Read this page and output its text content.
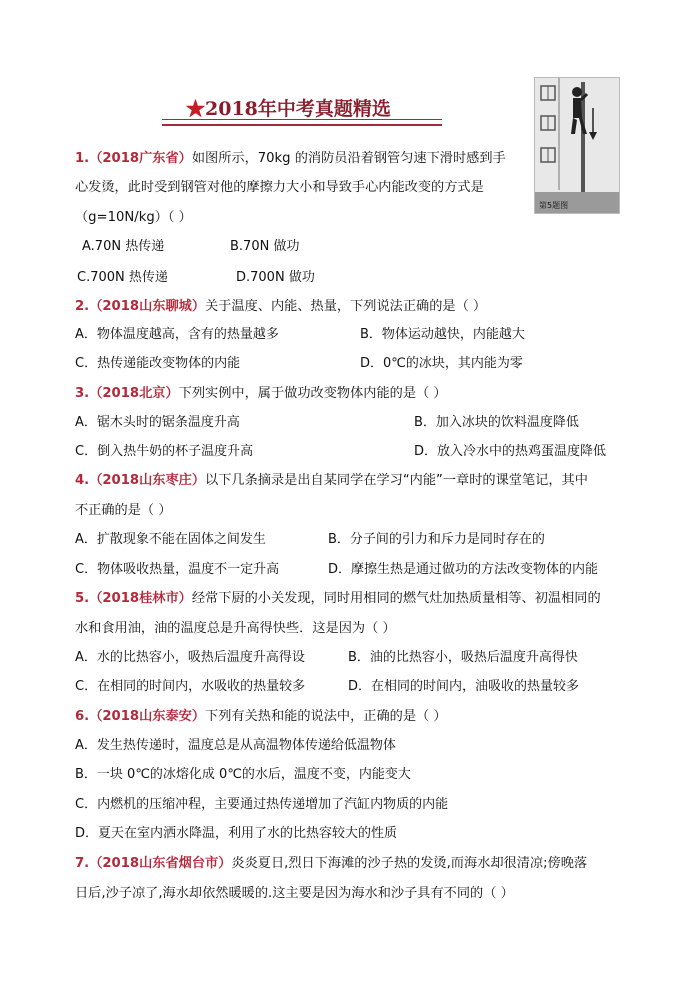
★2018年中考真题精选
第5题图
1.（2018广东省）如图所示，70kg 的消防员沿着钢管匀速下滑时感到手
心发烫，此时受到钢管对他的摩擦力大小和导致手心内能改变的方式是
（g=10N/kg）（ ）
A.70N 热传递	B.70N 做功
C.700N 热传递	D.700N 做功
2.（2018山东聊城）关于温度、内能、热量，下列说法正确的是（ ）
A．物体温度越高，含有的热量越多	B．物体运动越快，内能越大
C．热传递能改变物体的内能	D．0℃的冰块，其内能为零
3.（2018北京）下列实例中，属于做功改变物体内能的是（ ）
A．锯木头时的锯条温度升高	B．加入冰块的饮料温度降低
C．倒入热牛奶的杯子温度升高	D．放入冷水中的热鸡蛋温度降低
4.（2018山东枣庄）以下几条摘录是出自某同学在学习“内能”一章时的课堂笔记，其中
不正确的是（ ）
A．扩散现象不能在固体之间发生	B．分子间的引力和斥力是同时存在的
C．物体吸收热量，温度不一定升高	D．摩擦生热是通过做功的方法改变物体的内能
5.（2018桂林市）经常下厨的小关发现，同时用相同的燃气灶加热质量相等、初温相同的
水和食用油，油的温度总是升高得快些．这是因为（ ）
A．水的比热容小，吸热后温度升高得设	B．油的比热容小，吸热后温度升高得快
C．在相同的时间内，水吸收的热量较多	D．在相同的时间内，油吸收的热量较多
6.（2018山东泰安）下列有关热和能的说法中，正确的是（ ）
A．发生热传递时，温度总是从高温物体传递给低温物体
B．一块 0℃的冰熔化成 0℃的水后，温度不变，内能变大
C．内燃机的压缩冲程，主要通过热传递增加了汽缸内物质的内能
D．夏天在室内洒水降温，利用了水的比热容较大的性质
7.（2018山东省烟台市）炎炎夏日,烈日下海滩的沙子热的发烫,而海水却很清凉;傍晚落
日后,沙子凉了,海水却依然暖暖的.这主要是因为海水和沙子具有不同的（ ）
